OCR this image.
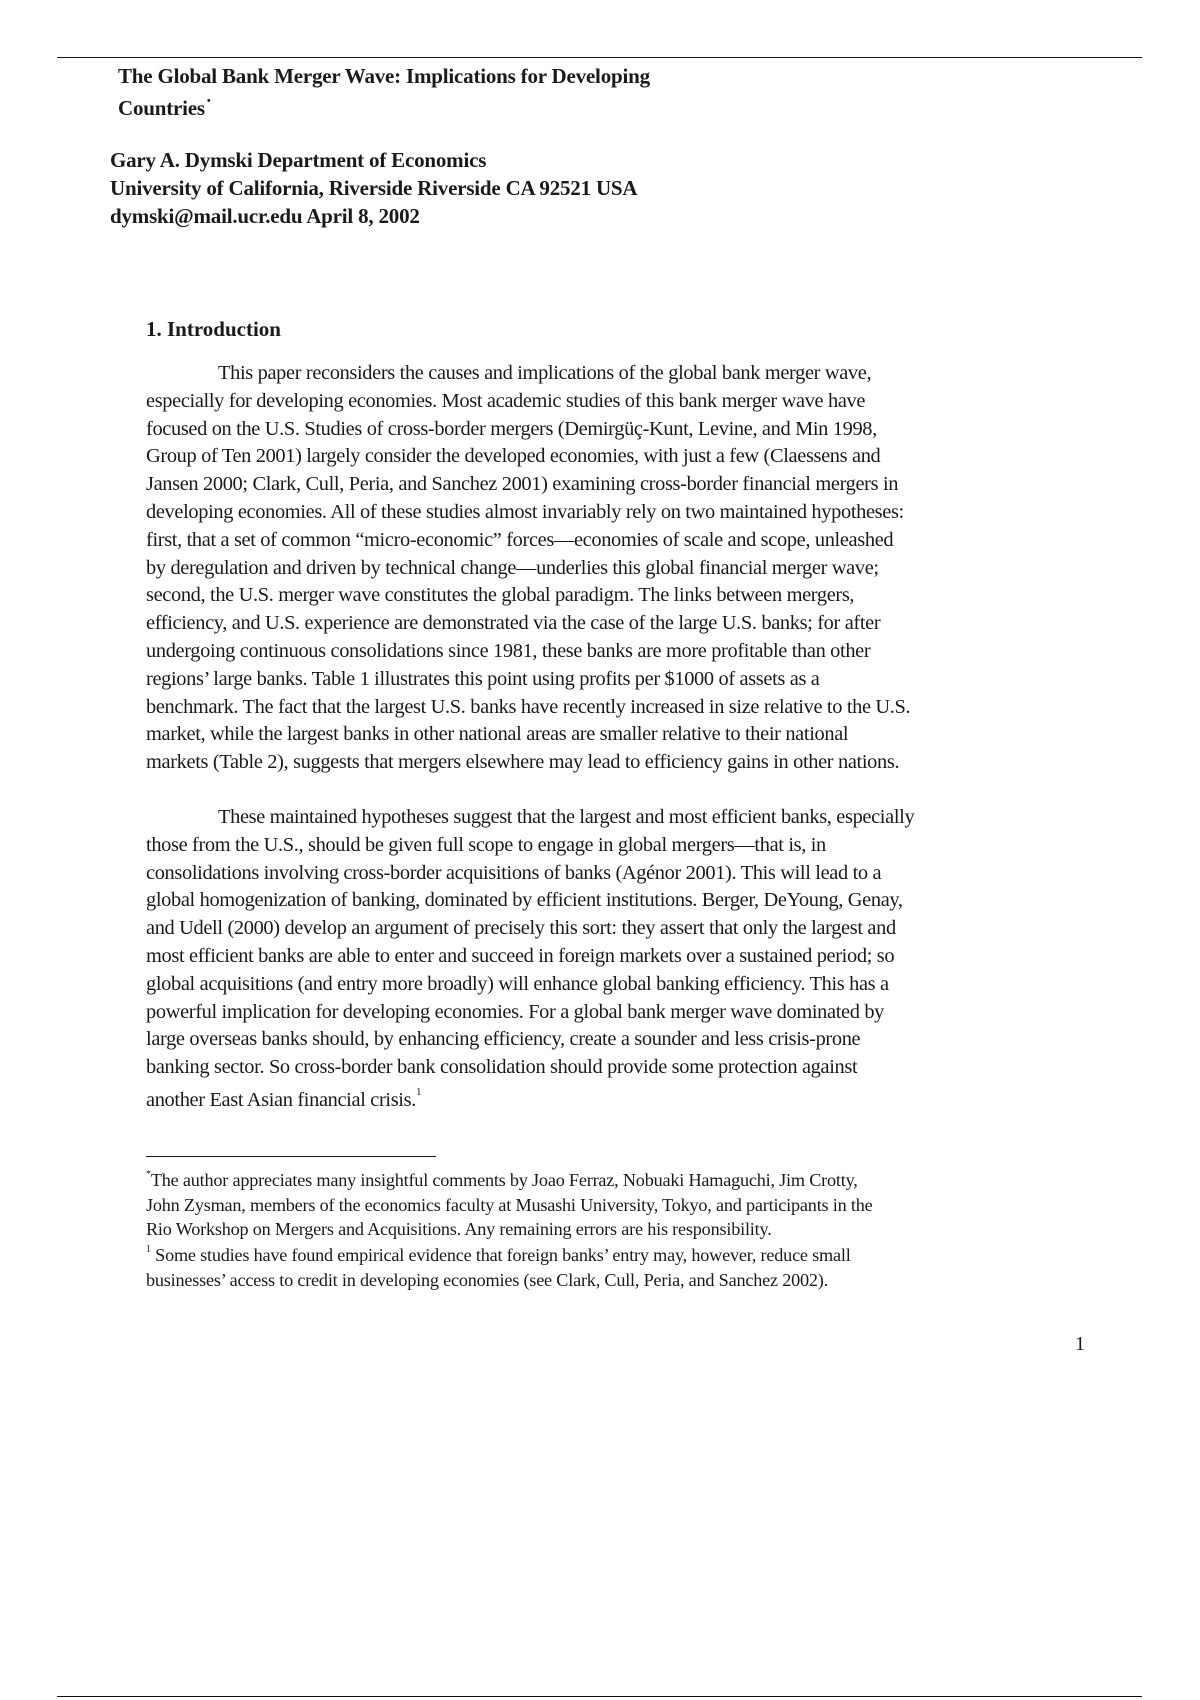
The Global Bank Merger Wave: Implications for Developing
Countries •
Gary A. Dymski Department of Economics
University of California, Riverside Riverside CA 92521 USA
dymski@mail.ucr.edu April 8, 2002
1. Introduction
This paper reconsiders the causes and implications of the global bank merger wave,
especially for developing economies. Most academic studies of this bank merger wave have
focused on the U.S. Studies of cross-border mergers (Demirgüç-Kunt, Levine, and Min 1998,
Group of Ten 2001) largely consider the developed economies, with just a few (Claessens and
Jansen 2000; Clark, Cull, Peria, and Sanchez 2001) examining cross-border financial mergers in
developing economies. All of these studies almost invariably rely on two maintained hypotheses:
first, that a set of common “micro-economic” forces—economies of scale and scope, unleashed
by deregulation and driven by technical change—underlies this global financial merger wave;
second, the U.S. merger wave constitutes the global paradigm. The links between mergers,
efficiency, and U.S. experience are demonstrated via the case of the large U.S. banks; for after
undergoing continuous consolidations since 1981, these banks are more profitable than other
regions’ large banks. Table 1 illustrates this point using profits per $1000 of assets as a
benchmark. The fact that the largest U.S. banks have recently increased in size relative to the U.S.
market, while the largest banks in other national areas are smaller relative to their national
markets (Table 2), suggests that mergers elsewhere may lead to efficiency gains in other nations.
These maintained hypotheses suggest that the largest and most efficient banks, especially
those from the U.S., should be given full scope to engage in global mergers—that is, in
consolidations involving cross-border acquisitions of banks (Agénor 2001). This will lead to a
global homogenization of banking, dominated by efficient institutions. Berger, DeYoung, Genay,
and Udell (2000) develop an argument of precisely this sort: they assert that only the largest and
most efficient banks are able to enter and succeed in foreign markets over a sustained period; so
global acquisitions (and entry more broadly) will enhance global banking efficiency. This has a
powerful implication for developing economies. For a global bank merger wave dominated by
large overseas banks should, by enhancing efficiency, create a sounder and less crisis-prone
banking sector. So cross-border bank consolidation should provide some protection against
another East Asian financial crisis.$^1$
*The author appreciates many insightful comments by Joao Ferraz, Nobuaki Hamaguchi, Jim Crotty,
John Zysman, members of the economics faculty at Musashi University, Tokyo, and participants in the
Rio Workshop on Mergers and Acquisitions. Any remaining errors are his responsibility.
$^1$ Some studies have found empirical evidence that foreign banks’ entry may, however, reduce small
businesses’ access to credit in developing economies (see Clark, Cull, Peria, and Sanchez 2002).
1
